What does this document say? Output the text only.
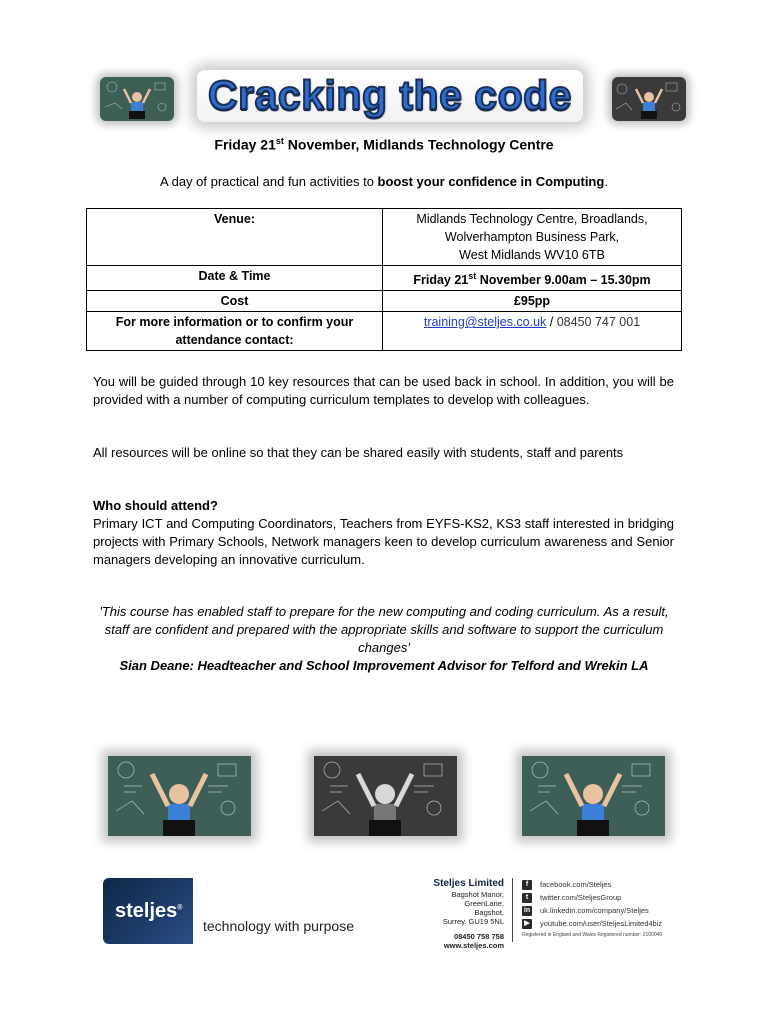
Cracking the code
Friday 21st November, Midlands Technology Centre
A day of practical and fun activities to boost your confidence in Computing.
Venue:	Midlands Technology Centre, Broadlands,
Wolverhampton Business Park,
West Midlands WV10 6TB

Date & Time	Friday 21st November 9.00am – 15.30pm
Cost	£95pp

For more information or to confirm your
attendance contact:	training@steljes.co.uk / 08450 747 001
You will be guided through 10 key resources that can be used back in school. In addition, you will be provided with a number of computing curriculum templates to develop with colleagues.
All resources will be online so that they can be shared easily with students, staff and parents
Who should attend?
Primary ICT and Computing Coordinators, Teachers from EYFS-KS2, KS3 staff interested in bridging projects with Primary Schools, Network managers keen to develop curriculum awareness and Senior managers developing an innovative curriculum.
'This course has enabled staff to prepare for the new computing and coding curriculum. As a result, staff are confident and prepared with the appropriate skills and software to support the curriculum changes'
Sian Deane: Headteacher and School Improvement Advisor for Telford and Wrekin LA
steljes®
technology with purpose
Steljes Limited
Bagshot Manor,
GreenLane,
Bagshot,
Surrey. GU19 5NL
08450 758 758
www.steljes.com
f	facebook.com/Steljes
t	twitter.com/SteljesGroup
in uk.linkedin.com/company/Steljes
▶	youtube.com/user/SteljesLimited4biz
Registered in England and Wales Registered number: 2100040
